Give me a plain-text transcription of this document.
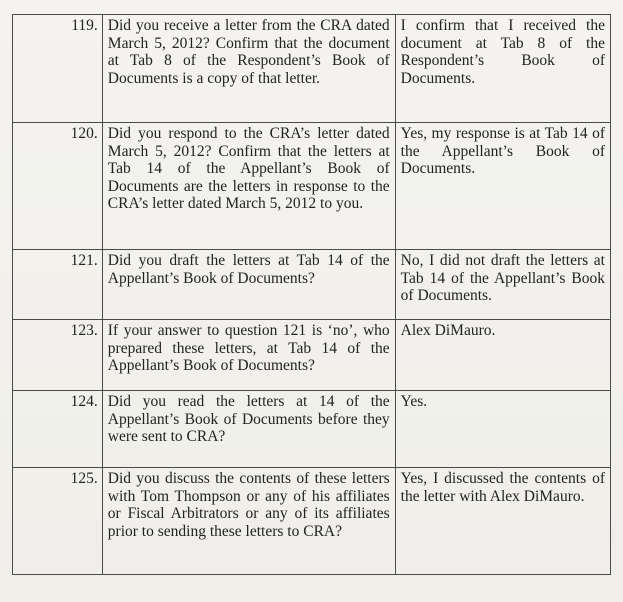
119.	Did you receive a letter from the CRA dated March 5, 2012? Confirm that the document at Tab 8 of the Respondent’s Book of Documents is a copy of that letter.	I confirm that I received the document at Tab 8 of the Respondent’s Book of Documents.
120.	Did you respond to the CRA’s letter dated March 5, 2012? Confirm that the letters at Tab 14 of the Appellant’s Book of Documents are the letters in response to the CRA’s letter dated March 5, 2012 to you.	Yes, my response is at Tab 14 of the Appellant’s Book of Documents.
121.	Did you draft the letters at Tab 14 of the Appellant’s Book of Documents?	No, I did not draft the letters at Tab 14 of the Appellant’s Book of Documents.
123.	If your answer to question 121 is ‘no’, who prepared these letters, at Tab 14 of the Appellant’s Book of Documents?	Alex DiMauro.
124.	Did you read the letters at 14 of the Appellant’s Book of Documents before they were sent to CRA?	Yes.
125.	Did you discuss the contents of these letters with Tom Thompson or any of his affiliates or Fiscal Arbitrators or any of its affiliates prior to sending these letters to CRA?	Yes, I discussed the contents of the letter with Alex DiMauro.
